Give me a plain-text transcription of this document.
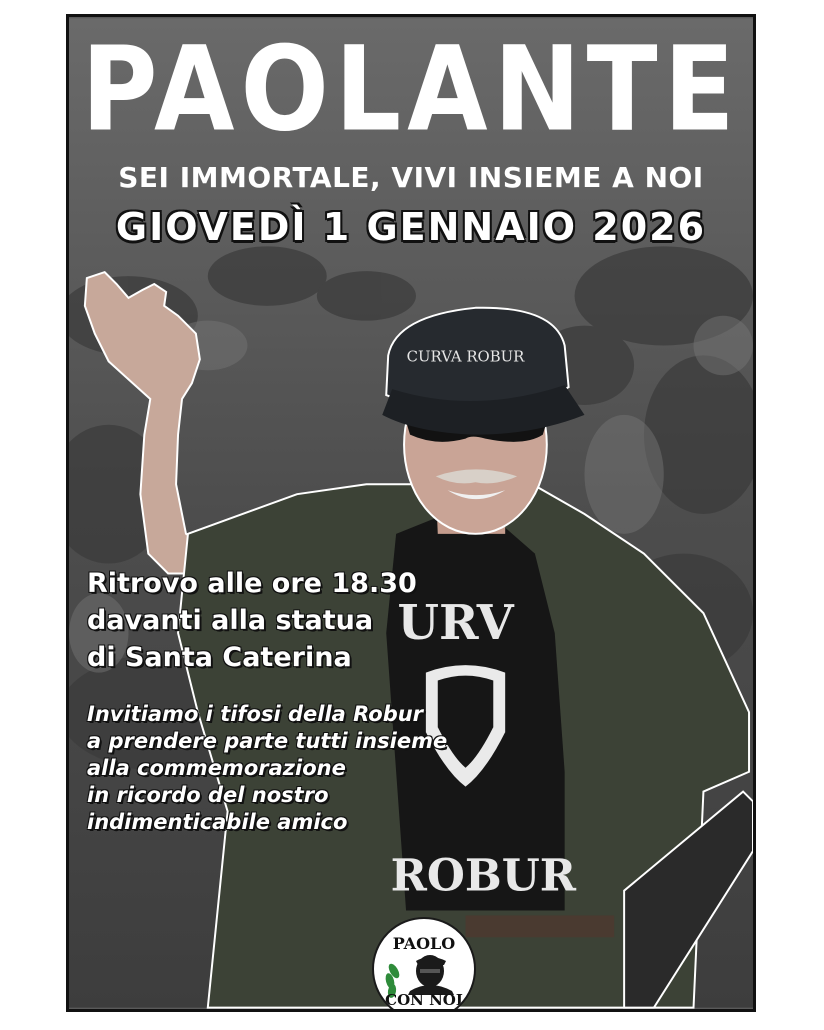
URV
ROBUR
CURVA ROBUR
PAOLANTE
SEI IMMORTALE, VIVI INSIEME A NOI
GIOVEDÌ 1 GENNAIO 2026
Ritrovo alle ore 18.30
davanti alla statua
di Santa Caterina
Invitiamo i tifosi della Robur
a prendere parte tutti insieme
alla commemorazione
in ricordo del nostro
indimenticabile amico
PAOLO
CON NOI
